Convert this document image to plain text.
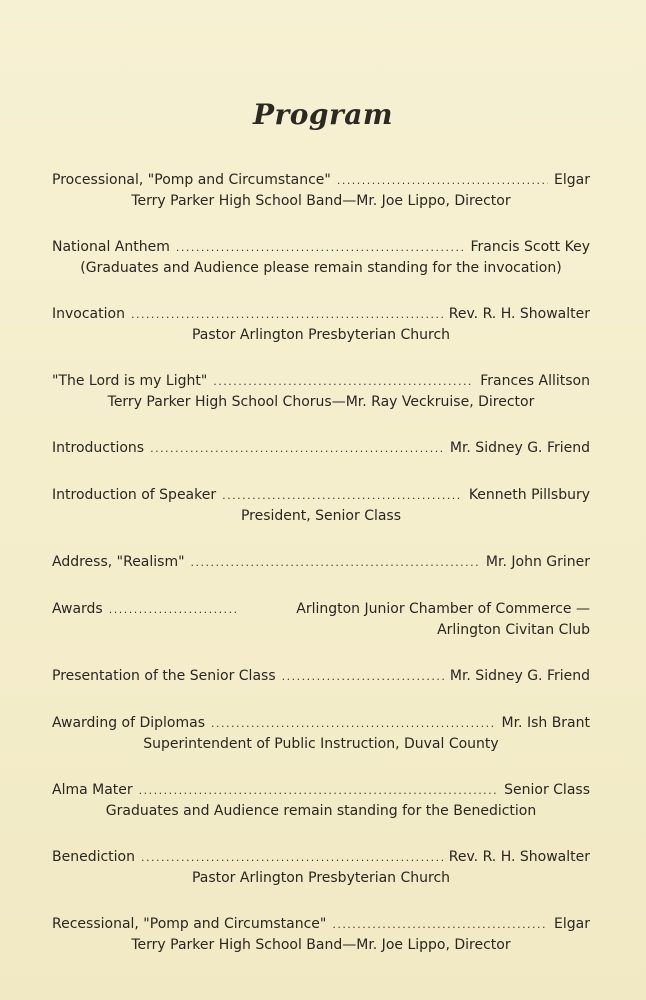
Program
Processional, "Pomp and Circumstance" . . .	Elgar
Terry Parker High School Band—Mr. Joe Lippo, Director
National Anthem . . .	Francis Scott Key
(Graduates and Audience please remain standing for the invocation)
Invocation . . .	Rev. R. H. Showalter
Pastor Arlington Presbyterian Church
"The Lord is my Light" . . .	Frances Allitson
Terry Parker High School Chorus—Mr. Ray Veckruise, Director
Introductions . . .	Mr. Sidney G. Friend
Introduction of Speaker . . .	Kenneth Pillsbury
President, Senior Class
Address, "Realism" . . .	Mr. John Griner
Awards . . .	Arlington Junior Chamber of Commerce —
Arlington Civitan Club
Presentation of the Senior Class . . .	Mr. Sidney G. Friend
Awarding of Diplomas . . .	Mr. Ish Brant
Superintendent of Public Instruction, Duval County
Alma Mater . . .	Senior Class
Graduates and Audience remain standing for the Benediction
Benediction . . .	Rev. R. H. Showalter
Pastor Arlington Presbyterian Church
Recessional, "Pomp and Circumstance" . . .	Elgar
Terry Parker High School Band—Mr. Joe Lippo, Director
